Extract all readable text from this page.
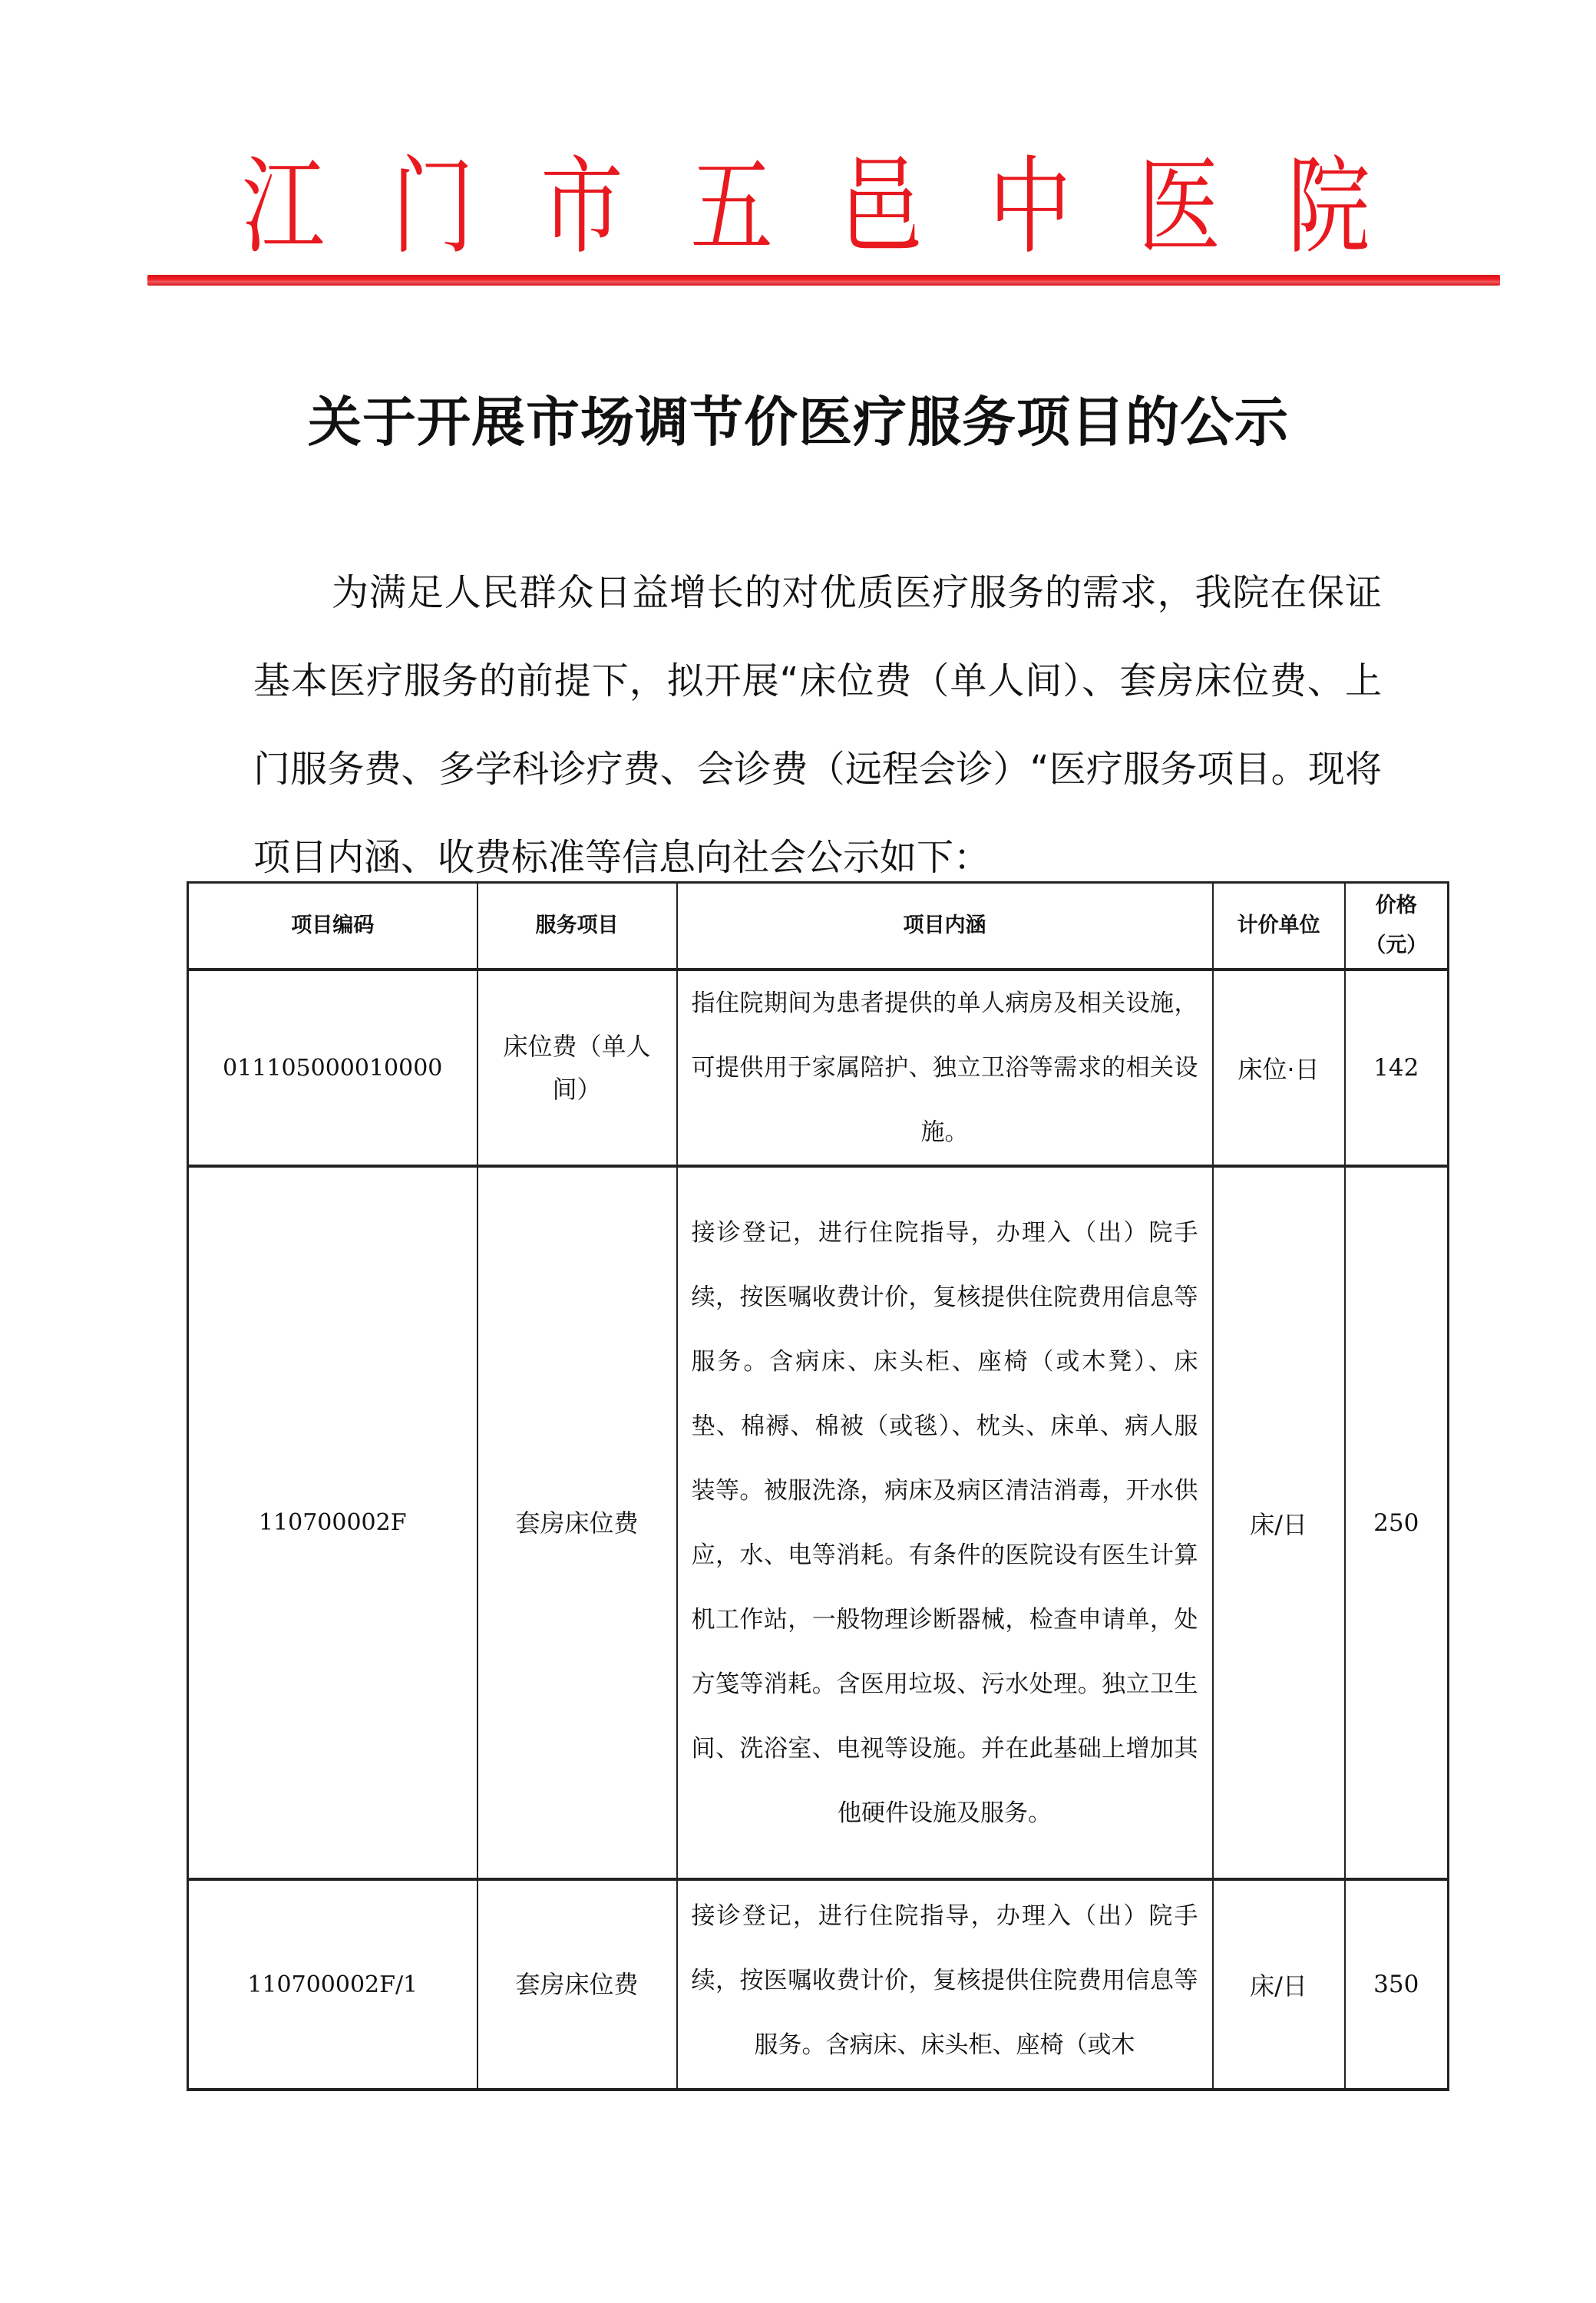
江 门 市 五 邑 中 医 院
关于开展市场调节价医疗服务项目的公示
为满足人民群众日益增长的对优质医疗服务的需求，我院在保证基本医疗服务的前提下，拟开展“床位费（单人间）、套房床位费、上门服务费、多学科诊疗费、会诊费（远程会诊）“医疗服务项目。现将项目内涵、收费标准等信息向社会公示如下：
项目编码	服务项目	项目内涵	计价单位	价格（元）
011105000010000	床位费（单人间）	指住院期间为患者提供的单人病房及相关设施，可提供用于家属陪护、独立卫浴等需求的相关设施。	床位·日	142
110700002F	套房床位费	接诊登记，进行住院指导，办理入（出）院手续，按医嘱收费计价，复核提供住院费用信息等服务。含病床、床头柜、座椅（或木凳）、床垫、棉褥、棉被（或毯）、枕头、床单、病人服装等。被服洗涤，病床及病区清洁消毒，开水供应，水、电等消耗。有条件的医院设有医生计算机工作站，一般物理诊断器械，检查申请单，处方笺等消耗。含医用垃圾、污水处理。独立卫生间、洗浴室、电视等设施。并在此基础上增加其他硬件设施及服务。	床/日	250
110700002F/1	套房床位费	接诊登记，进行住院指导，办理入（出）院手续，按医嘱收费计价，复核提供住院费用信息等服务。含病床、床头柜、座椅（或木	床/日	350
